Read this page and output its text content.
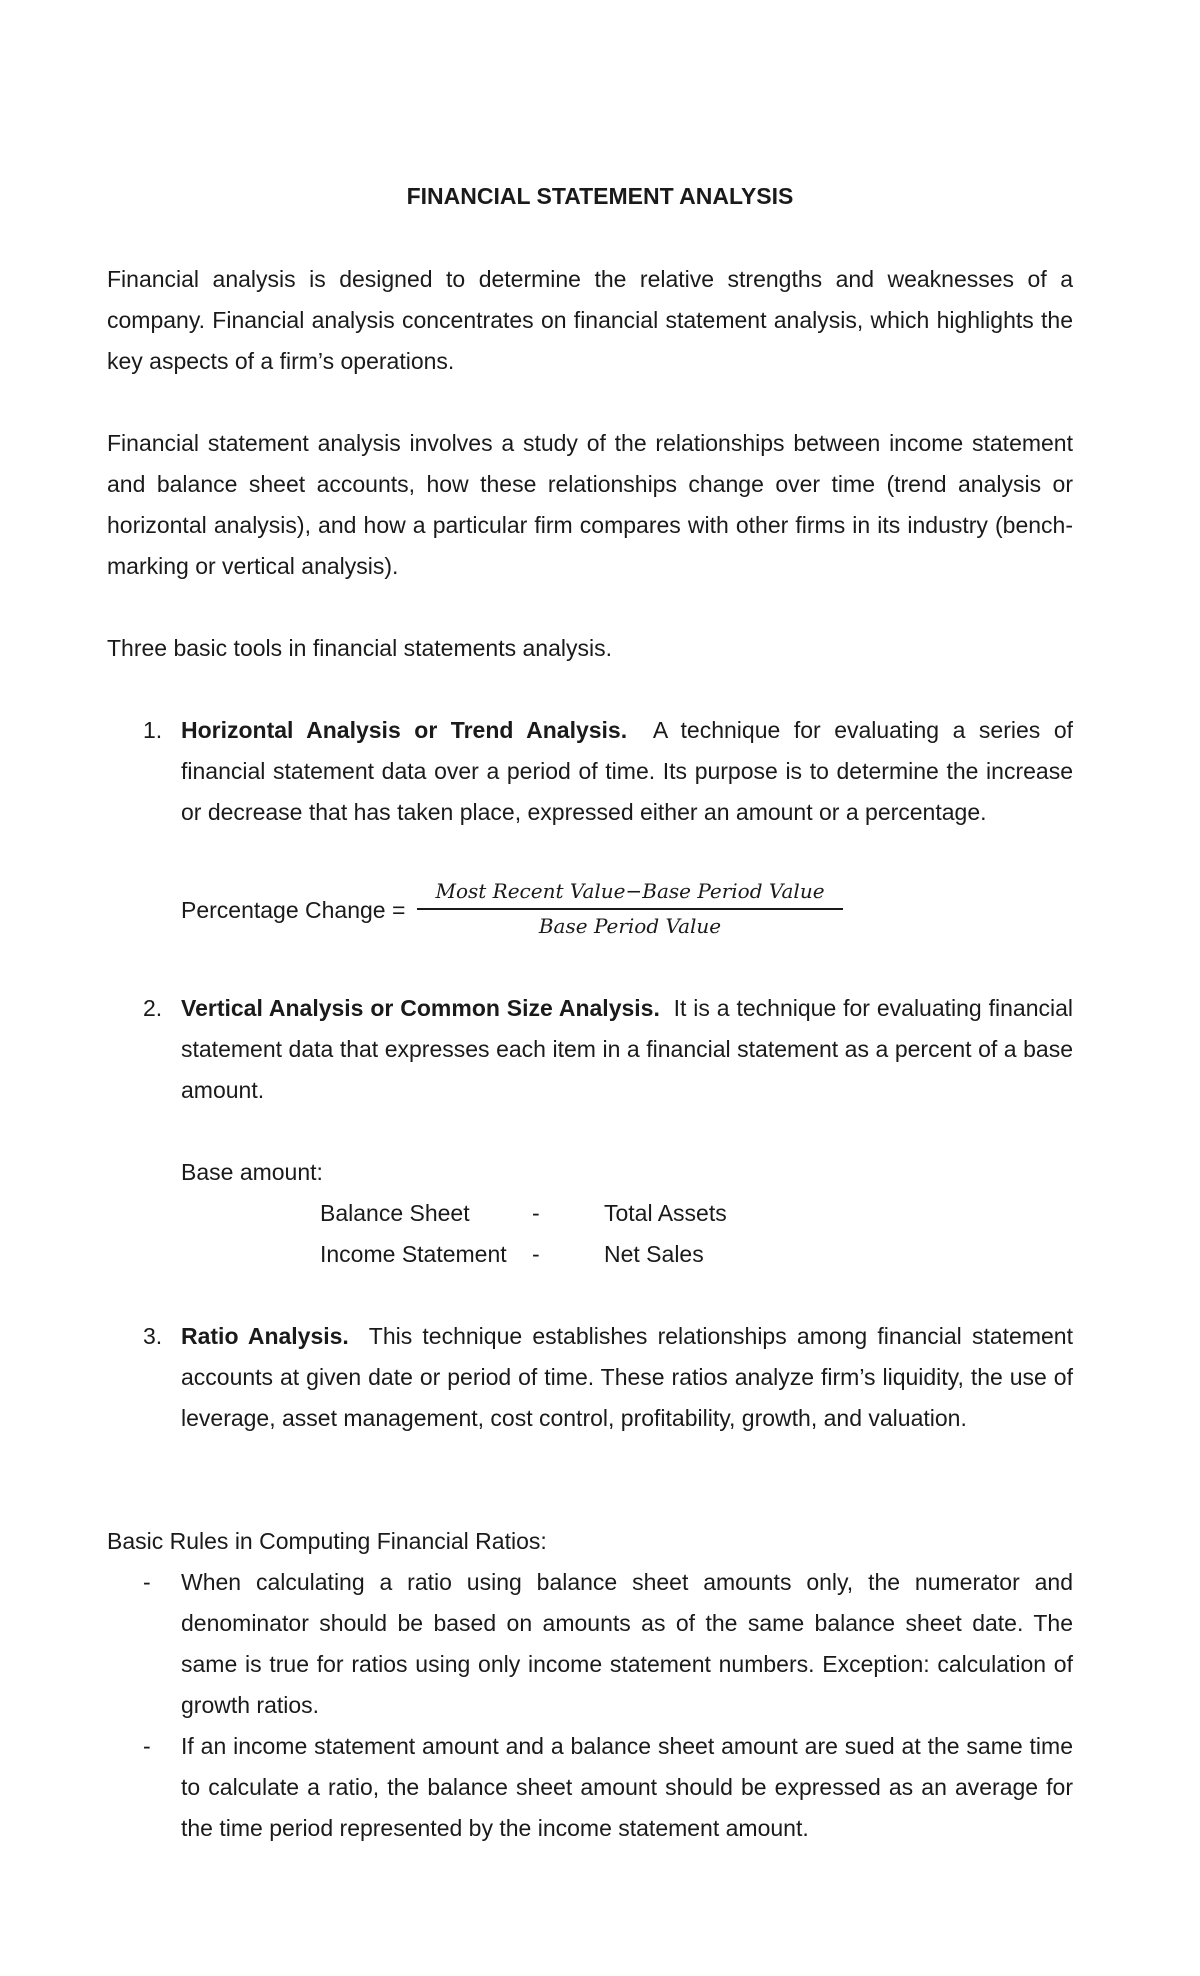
FINANCIAL STATEMENT ANALYSIS
Financial analysis is designed to determine the relative strengths and weaknesses of a company. Financial analysis concentrates on financial statement analysis, which highlights the key aspects of a firm’s operations.
Financial statement analysis involves a study of the relationships between income statement and balance sheet accounts, how these relationships change over time (trend analysis or horizontal analysis), and how a particular firm compares with other firms in its industry (bench-marking or vertical analysis).
Three basic tools in financial statements analysis.
1. Horizontal Analysis or Trend Analysis. A technique for evaluating a series of financial statement data over a period of time. Its purpose is to determine the increase or decrease that has taken place, expressed either an amount or a percentage.
Percentage Change =
Most Recent Value−Base Period Value
Base Period Value
2. Vertical Analysis or Common Size Analysis. It is a technique for evaluating financial statement data that expresses each item in a financial statement as a percent of a base amount.
Base amount:
Balance Sheet	-	Total Assets
Income Statement -	Net Sales
3. Ratio Analysis. This technique establishes relationships among financial statement accounts at given date or period of time. These ratios analyze firm’s liquidity, the use of leverage, asset management, cost control, profitability, growth, and valuation.
Basic Rules in Computing Financial Ratios:
- When calculating a ratio using balance sheet amounts only, the numerator and denominator should be based on amounts as of the same balance sheet date. The same is true for ratios using only income statement numbers. Exception: calculation of growth ratios.
- If an income statement amount and a balance sheet amount are sued at the same time to calculate a ratio, the balance sheet amount should be expressed as an average for the time period represented by the income statement amount.
